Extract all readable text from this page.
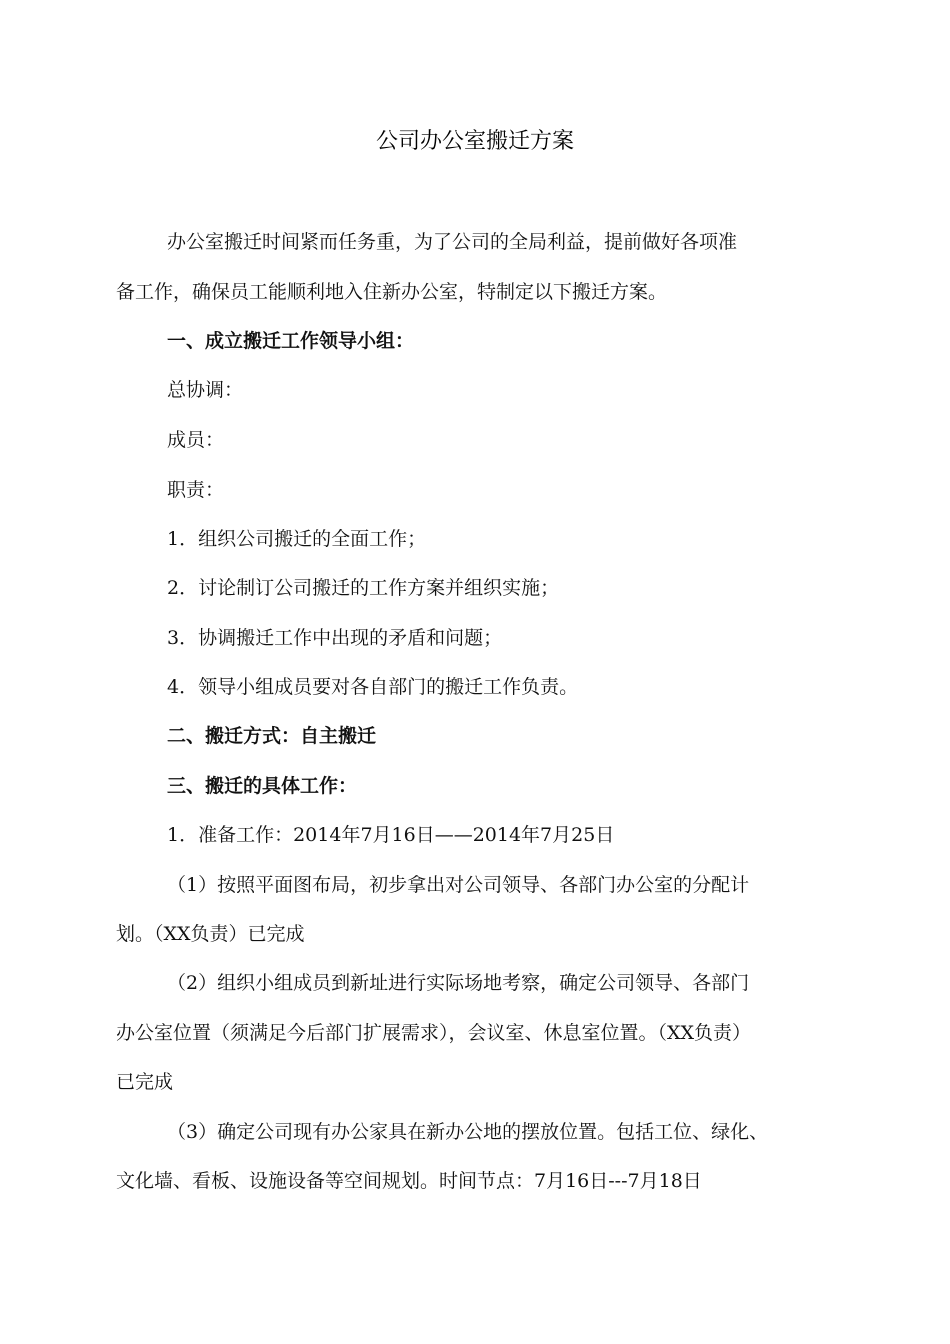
公司办公室搬迁方案
办公室搬迁时间紧而任务重，为了公司的全局利益，提前做好各项准
备工作，确保员工能顺利地入住新办公室，特制定以下搬迁方案。
一、成立搬迁工作领导小组：
总协调：
成员：
职责：
1．组织公司搬迁的全面工作；
2．讨论制订公司搬迁的工作方案并组织实施；
3．协调搬迁工作中出现的矛盾和问题；
4．领导小组成员要对各自部门的搬迁工作负责。
二、搬迁方式：自主搬迁
三、搬迁的具体工作：
1．准备工作：2014年7月16日——2014年7月25日
（1）按照平面图布局，初步拿出对公司领导、各部门办公室的分配计
划。（XX负责）已完成
（2）组织小组成员到新址进行实际场地考察，确定公司领导、各部门
办公室位置（须满足今后部门扩展需求），会议室、休息室位置。（XX负责）
已完成
（3）确定公司现有办公家具在新办公地的摆放位置。包括工位、绿化、
文化墙、看板、设施设备等空间规划。时间节点：7月16日---7月18日
